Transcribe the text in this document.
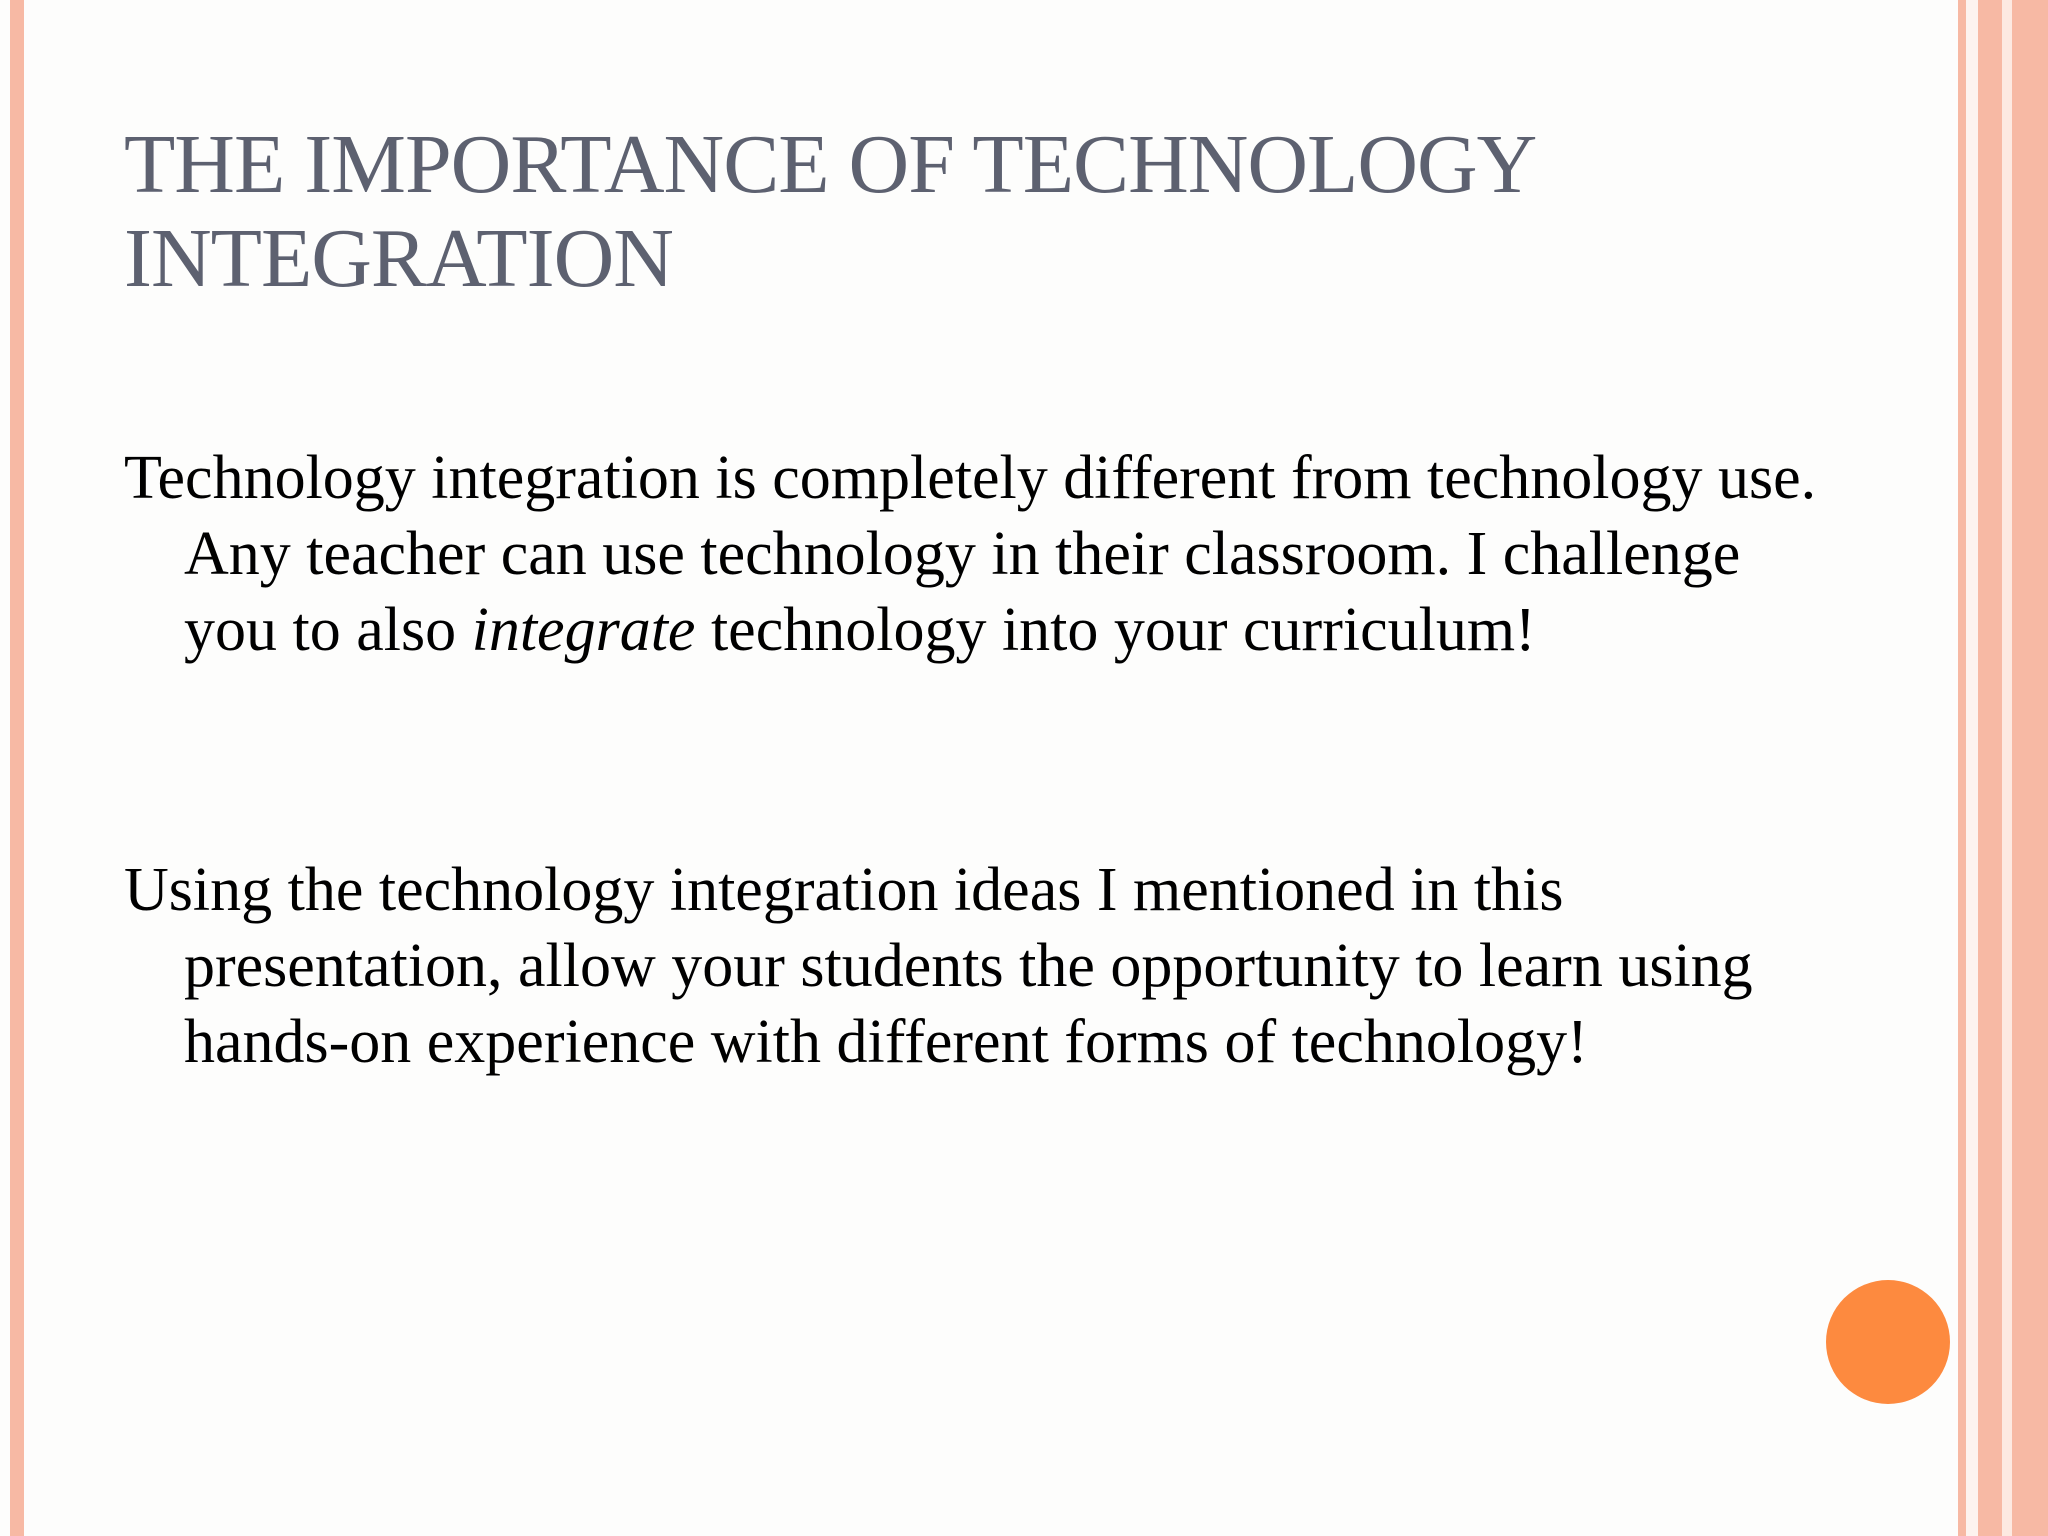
THE IMPORTANCE OF TECHNOLOGY INTEGRATION

Technology integration is completely different from technology use. Any teacher can use technology in their classroom. I challenge you to also integrate technology into your curriculum!

Using the technology integration ideas I mentioned in this presentation, allow your students the opportunity to learn using hands-on experience with different forms of technology!
